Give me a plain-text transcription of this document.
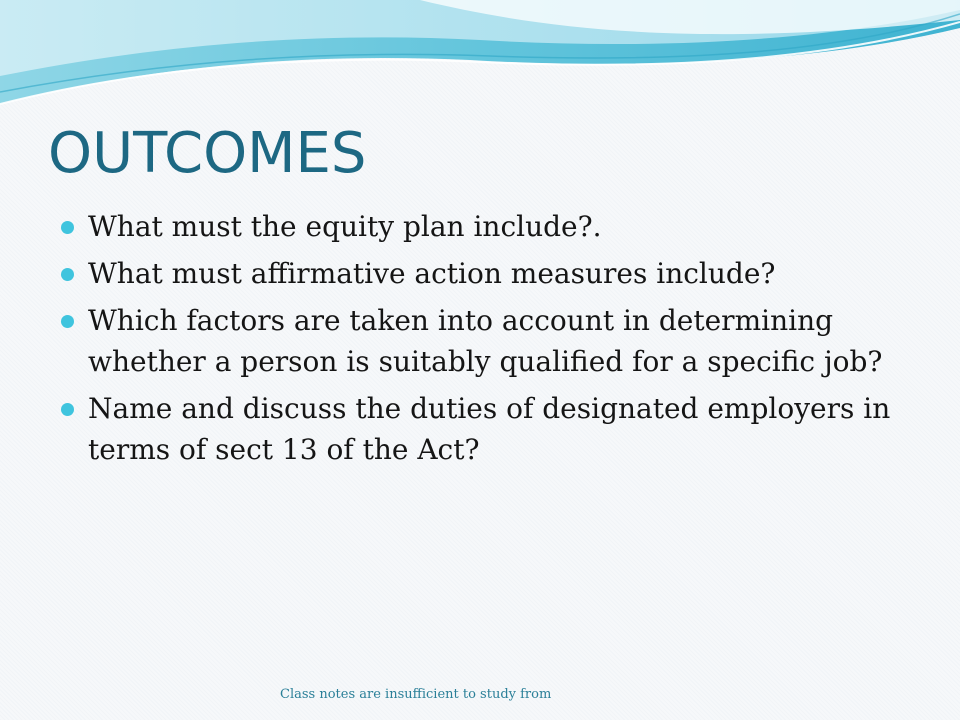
OUTCOMES
What must the equity plan include?.
What must affirmative action measures include?
Which factors are taken into account in determining whether a person is suitably qualified for a specific job?
Name and discuss the duties of designated employers in terms of sect 13 of the Act?
Class notes are insufficient to study from
